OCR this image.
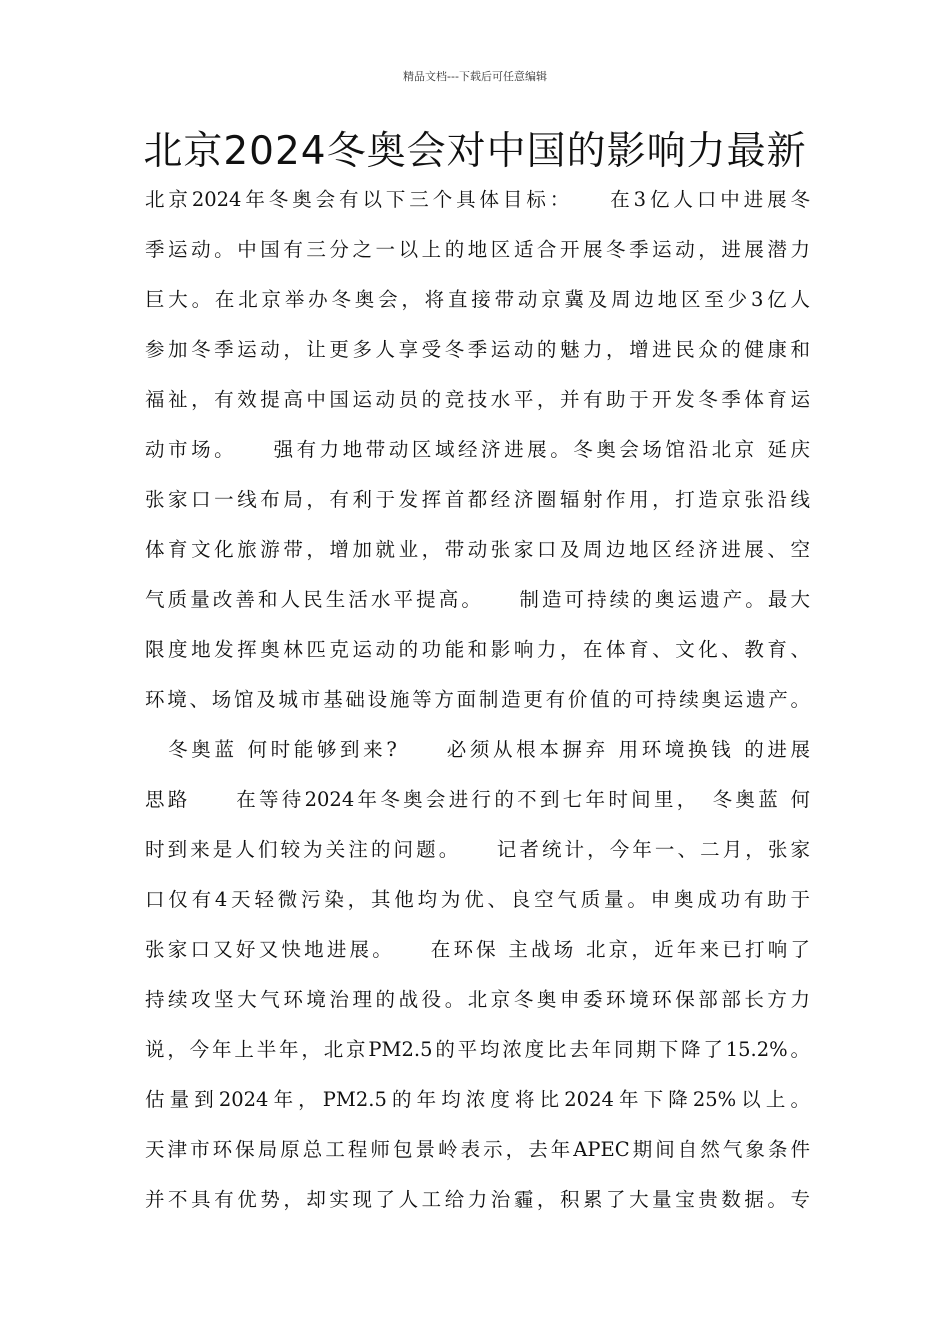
精品文档---下载后可任意编辑
北京2024冬奥会对中国的影响力最新
北京2024年冬奥会有以下三个具体目标：　　在3亿人口中进展冬
季运动。中国有三分之一以上的地区适合开展冬季运动，进展潜力
巨大。在北京举办冬奥会，将直接带动京冀及周边地区至少3亿人
参加冬季运动，让更多人享受冬季运动的魅力，增进民众的健康和
福祉，有效提高中国运动员的竞技水平，并有助于开发冬季体育运
动市场。　　强有力地带动区域经济进展。冬奥会场馆沿北京 延庆
张家口一线布局，有利于发挥首都经济圈辐射作用，打造京张沿线
体育文化旅游带，增加就业，带动张家口及周边地区经济进展、空
气质量改善和人民生活水平提高。　　制造可持续的奥运遗产。最大
限度地发挥奥林匹克运动的功能和影响力，在体育、文化、教育、
环境、场馆及城市基础设施等方面制造更有价值的可持续奥运遗产。
　冬奥蓝 何时能够到来?　　必须从根本摒弃 用环境换钱 的进展
思路　　在等待2024年冬奥会进行的不到七年时间里，　冬奥蓝 何
时到来是人们较为关注的问题。　　记者统计，今年一、二月，张家
口仅有4天轻微污染，其他均为优、良空气质量。申奥成功有助于
张家口又好又快地进展。　　在环保 主战场 北京，近年来已打响了
持续攻坚大气环境治理的战役。北京冬奥申委环境环保部部长方力
说，今年上半年，北京PM2.5的平均浓度比去年同期下降了15.2%。
估量到2024年，PM2.5的年均浓度将比2024年下降25%以上。
天津市环保局原总工程师包景岭表示，去年APEC期间自然气象条件
并不具有优势，却实现了人工给力治霾，积累了大量宝贵数据。专
